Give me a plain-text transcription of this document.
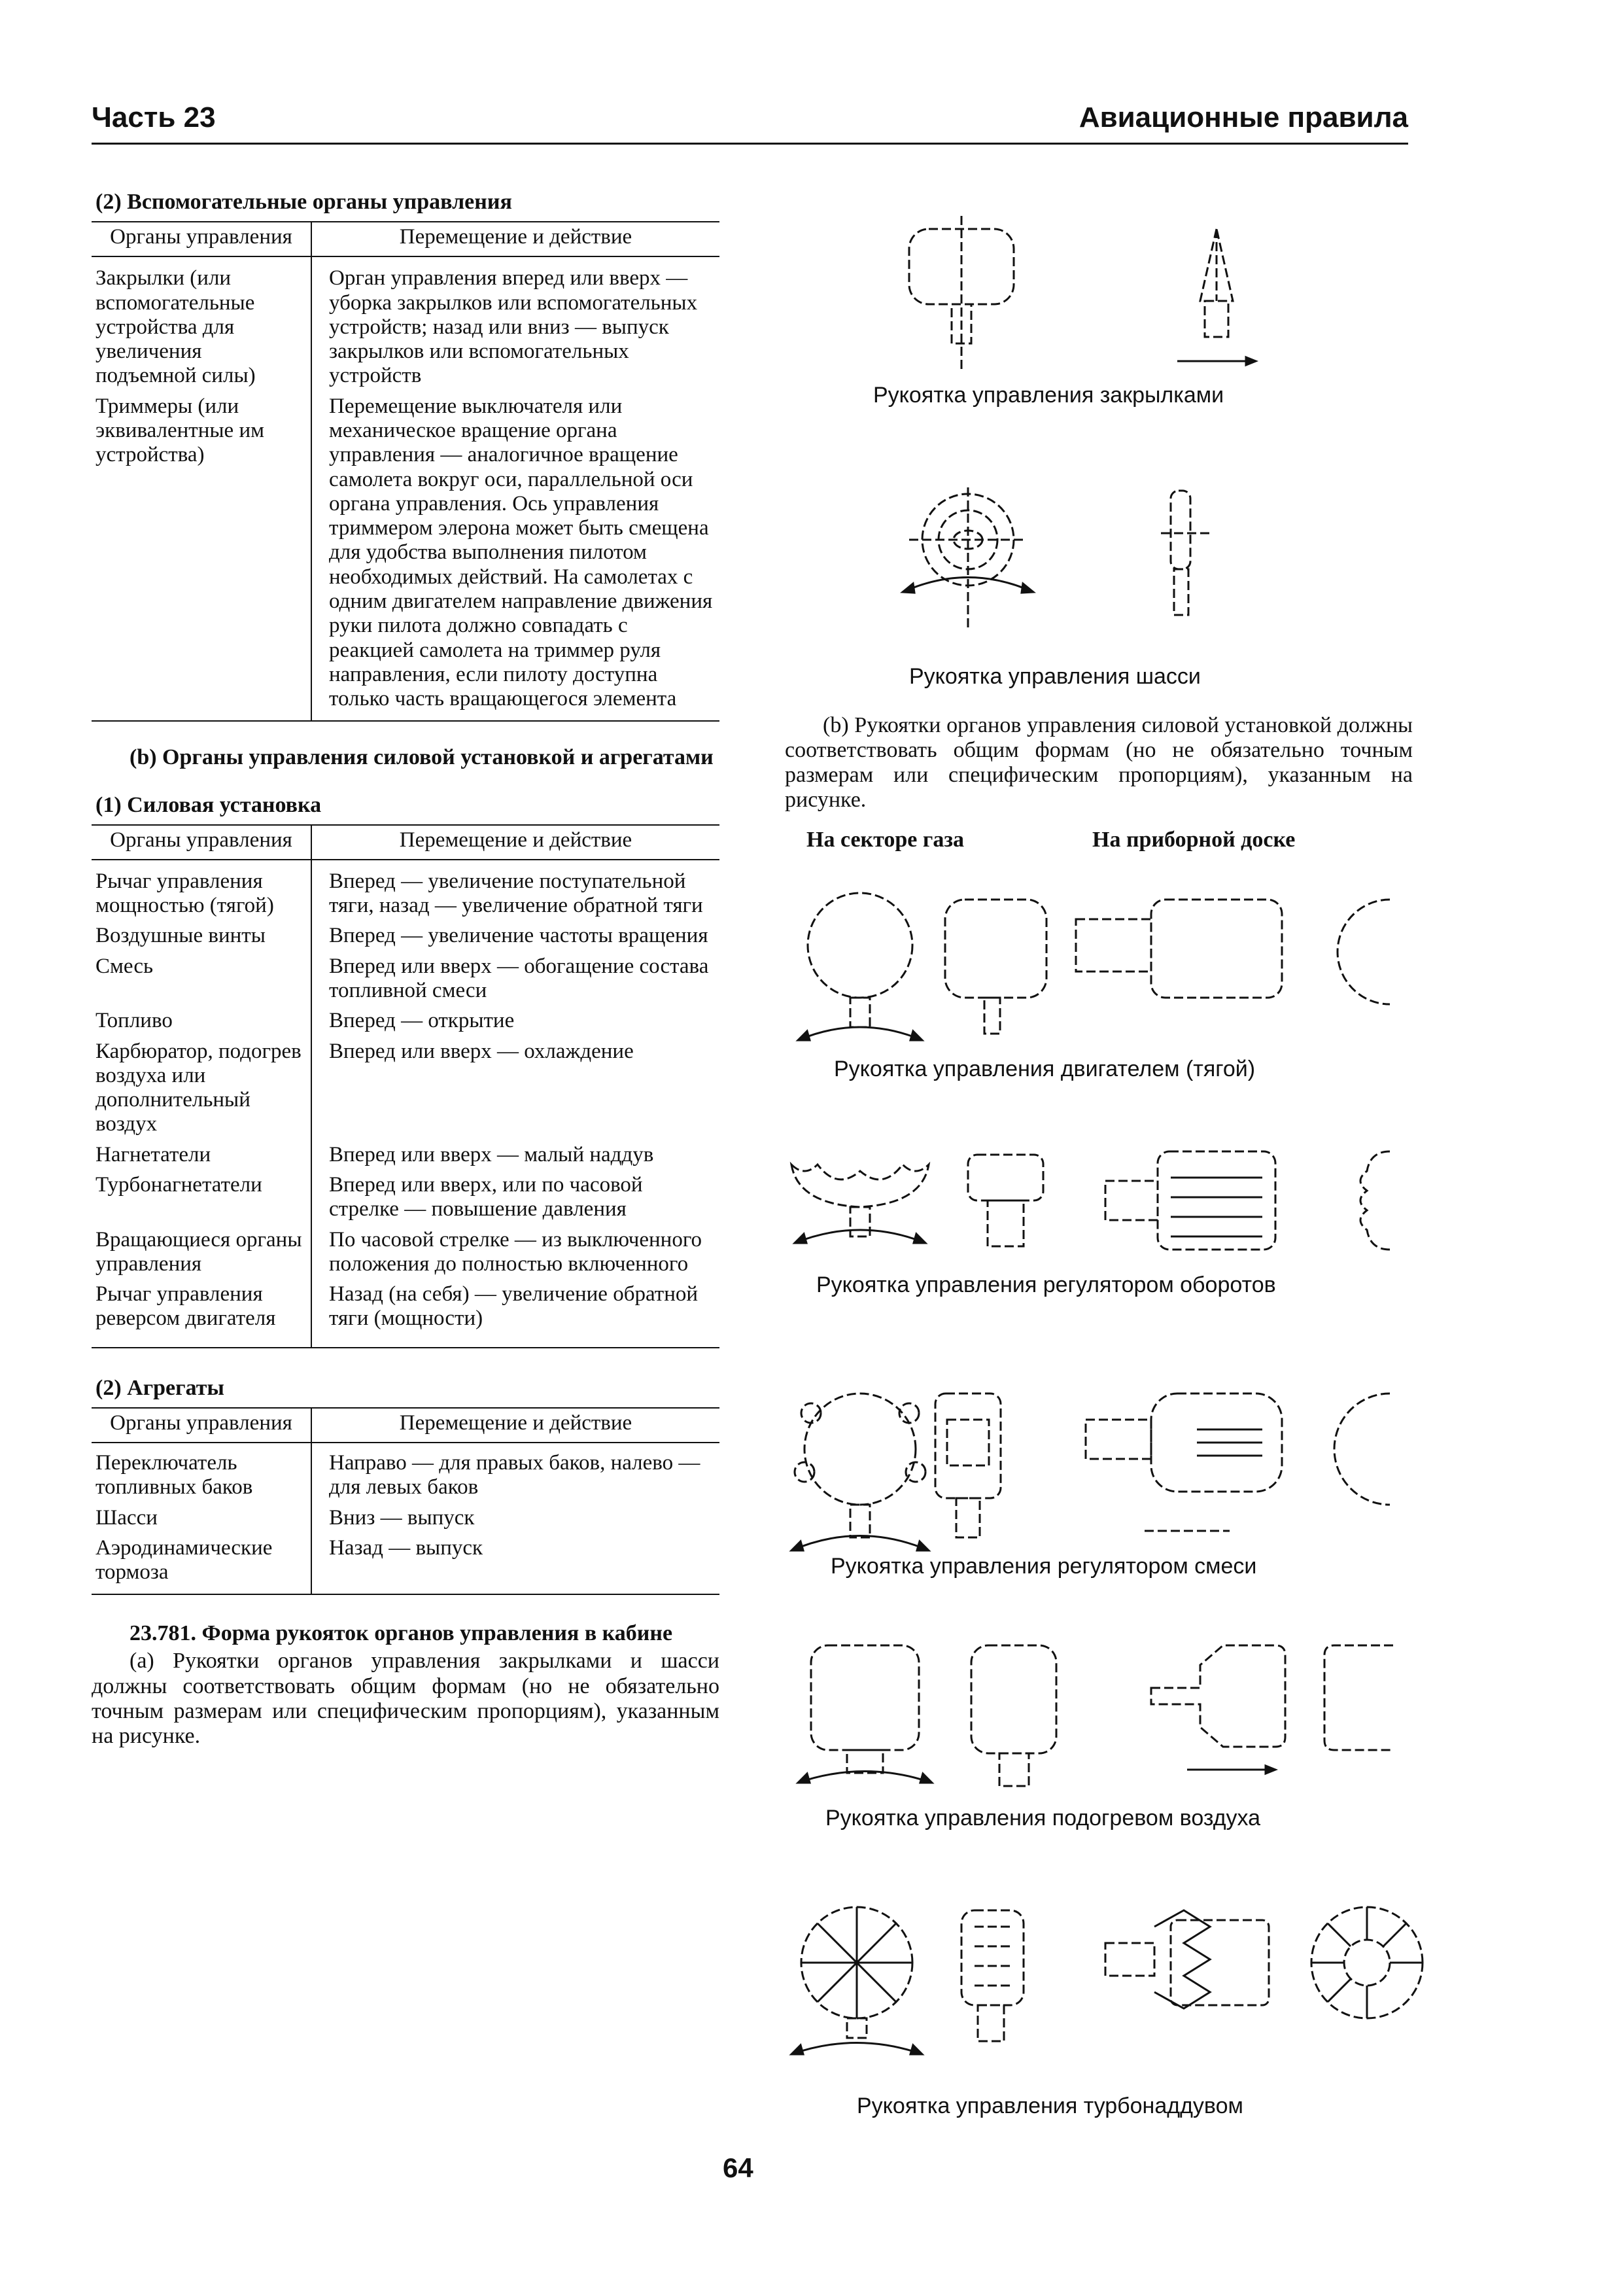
Часть 23	Авиационные правила

(2) Вспомогательные органы управления

Органы управления	Перемещение и действие
Закрылки (или вспомогательные устройства для увеличения подъемной силы)	Орган управления вперед или вверх — уборка закрылков или вспомогательных устройств; назад или вниз — выпуск закрылков или вспомогательных устройств
Триммеры (или эквивалентные им устройства)	Перемещение выключателя или механическое вращение органа управления — аналогичное вращение самолета вокруг оси, параллельной оси органа управления. Ось управления триммером элерона может быть смещена для удобства выполнения пилотом необходимых действий. На самолетах с одним двигателем направление движения руки пилота должно совпадать с реакцией самолета на триммер руля направления, если пилоту доступна только часть вращающегося элемента

(b) Органы управления силовой установкой и агрегатами

(1) Силовая установка

Органы управления	Перемещение и действие
Рычаг управления мощностью (тягой)	Вперед — увеличение поступательной тяги, назад — увеличение обратной тяги
Воздушные винты	Вперед — увеличение частоты вращения
Смесь	Вперед или вверх — обогащение состава топливной смеси
Топливо	Вперед — открытие
Карбюратор, подогрев воздуха или дополнительный воздух	Вперед или вверх — охлаждение
Нагнетатели	Вперед или вверх — малый наддув
Турбонагнетатели	Вперед или вверх, или по часовой стрелке — повышение давления
Вращающиеся органы управления	По часовой стрелке — из выключенного положения до полностью включенного
Рычаг управления реверсом двигателя	Назад (на себя) — увеличение обратной тяги (мощности)

(2) Агрегаты

Органы управления	Перемещение и действие
Переключатель топливных баков	Направо — для правых баков, налево — для левых баков
Шасси	Вниз — выпуск
Аэродинамические тормоза	Назад — выпуск

23.781. Форма рукояток органов управления в кабине

(a) Рукоятки органов управления закрылками и шасси должны соответствовать общим формам (но не обязательно точным размерам или специфическим пропорциям), указанным на рисунке.

Рукоятка управления закрылками
Рукоятка управления шасси
(b) Рукоятки органов управления силовой установкой должны соответствовать общим формам (но не обязательно точным размерам или специфическим пропорциям), указанным на рисунке.
На секторе газа	На приборной доске
Рукоятка управления двигателем (тягой)
Рукоятка управления регулятором оборотов
Рукоятка управления регулятором смеси
Рукоятка управления подогревом воздуха
Рукоятка управления турбонаддувом
64
